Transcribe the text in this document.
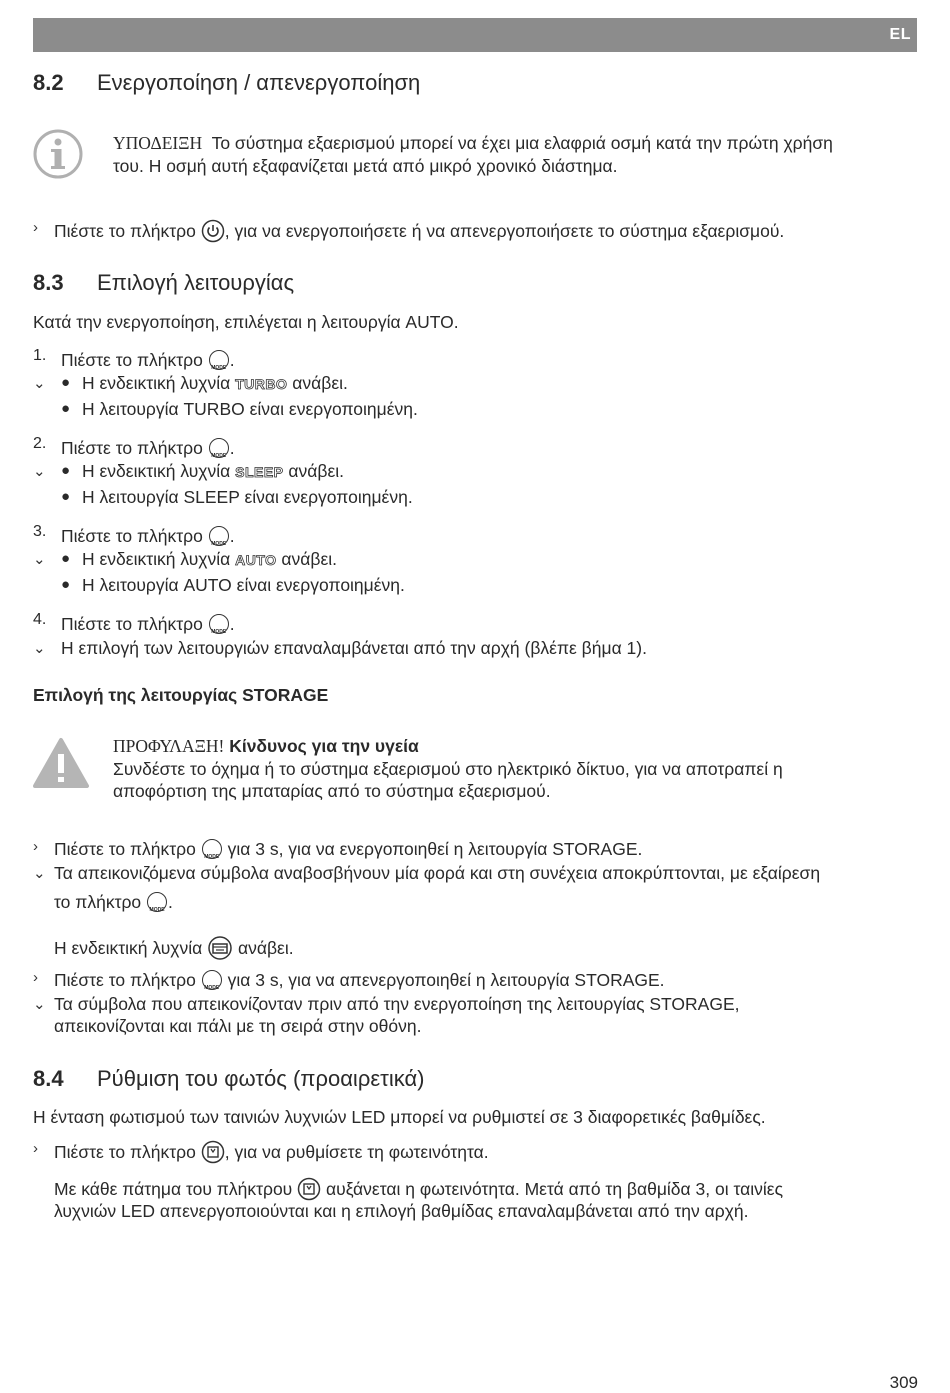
EL
8.2 Ενεργοποίηση / απενεργοποίηση
ΥΠΟΔΕΙΞΗ Το σύστημα εξαερισμού μπορεί να έχει μια ελαφριά οσμή κατά την πρώτη χρήση
του. Η οσμή αυτή εξαφανίζεται μετά από μικρό χρονικό διάστημα.
› Πιέστε το πλήκτρο , για να ενεργοποιήσετε ή να απενεργοποιήσετε το σύστημα εξαερισμού.
8.3 Επιλογή λειτουργίας
Κατά την ενεργοποίηση, επιλέγεται η λειτουργία AUTO.
1. Πιέστε το πλήκτρο	MODE .
⌄ ● Η ενδεικτική λυχνία TURBO ανάβει.
● Η λειτουργία TURBO είναι ενεργοποιημένη.
2. Πιέστε το πλήκτρο	MODE .
⌄ ● Η ενδεικτική λυχνία SLEEP ανάβει.
● Η λειτουργία SLEEP είναι ενεργοποιημένη.
3. Πιέστε το πλήκτρο	MODE .
⌄ ● Η ενδεικτική λυχνία AUTO ανάβει.
● Η λειτουργία AUTO είναι ενεργοποιημένη.
4. Πιέστε το πλήκτρο	MODE .
⌄ Η επιλογή των λειτουργιών επαναλαμβάνεται από την αρχή (βλέπε βήμα 1).
Επιλογή της λειτουργίας STORAGE
ΠΡΟΦΥΛΑΞΗ! Κίνδυνος για την υγεία
Συνδέστε το όχημα ή το σύστημα εξαερισμού στο ηλεκτρικό δίκτυο, για να αποτραπεί η
αποφόρτιση της μπαταρίας από το σύστημα εξαερισμού.
› Πιέστε το πλήκτρο	MODE για 3 s, για να ενεργοποιηθεί η λειτουργία STORAGE.
⌄ Τα απεικονιζόμενα σύμβολα αναβοσβήνουν μία φορά και στη συνέχεια αποκρύπτονται, με εξαίρεση
το πλήκτρο	MODE .
Η ενδεικτική λυχνία ανάβει.
› Πιέστε το πλήκτρο	MODE για 3 s, για να απενεργοποιηθεί η λειτουργία STORAGE.
⌄ Τα σύμβολα που απεικονίζονταν πριν από την ενεργοποίηση της λειτουργίας STORAGE,
απεικονίζονται και πάλι με τη σειρά στην οθόνη.
8.4 Ρύθμιση του φωτός (προαιρετικά)
Η ένταση φωτισμού των ταινιών λυχνιών LED μπορεί να ρυθμιστεί σε 3 διαφορετικές βαθμίδες.
› Πιέστε το πλήκτρο , για να ρυθμίσετε τη φωτεινότητα.
Με κάθε πάτημα του πλήκτρου αυξάνεται η φωτεινότητα. Μετά από τη βαθμίδα 3, οι ταινίες
λυχνιών LED απενεργοποιούνται και η επιλογή βαθμίδας επαναλαμβάνεται από την αρχή.
309
